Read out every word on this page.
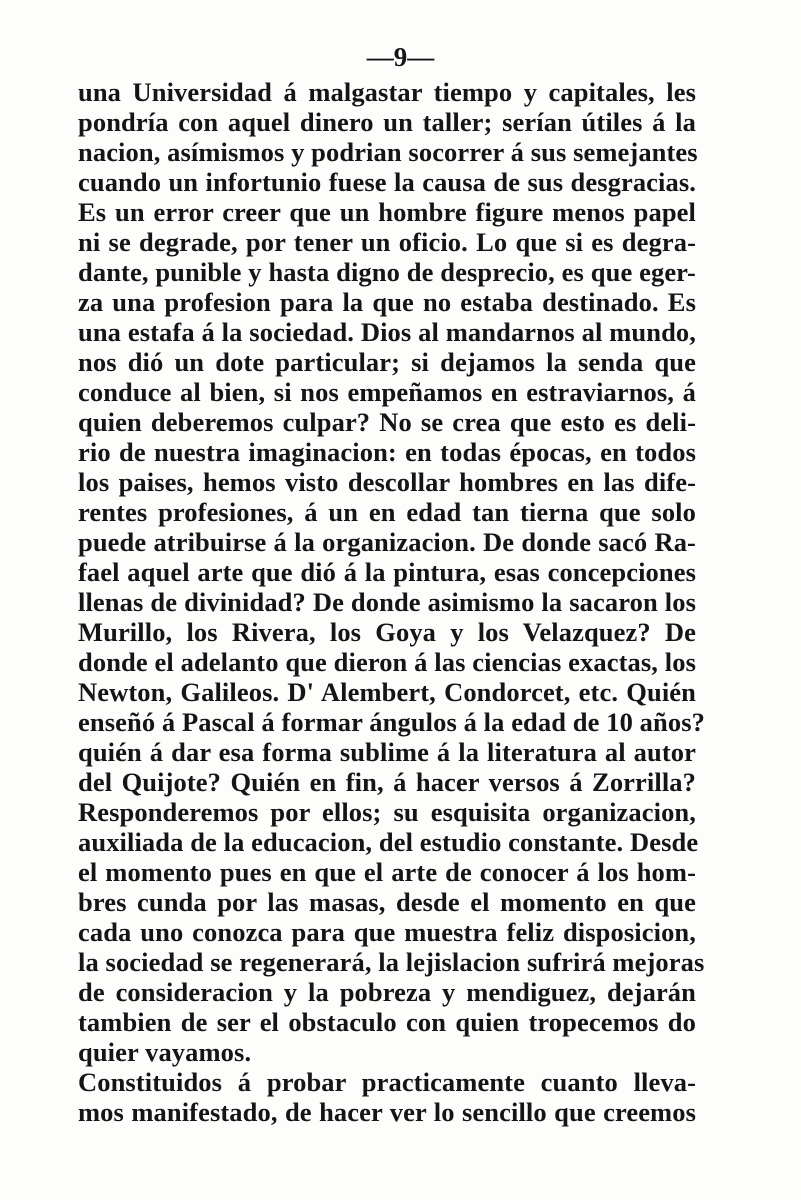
—9—
una Universidad á malgastar tiempo y capitales, les
pondría con aquel dinero un taller; serían útiles á la
nacion, asímismos y podrian socorrer á sus semejantes
cuando un infortunio fuese la causa de sus desgracias.
Es un error creer que un hombre figure menos papel
ni se degrade, por tener un oficio. Lo que si es degra-
dante, punible y hasta digno de desprecio, es que eger-
za una profesion para la que no estaba destinado. Es
una estafa á la sociedad. Dios al mandarnos al mundo,
nos dió un dote particular; si dejamos la senda que
conduce al bien, si nos empeñamos en estraviarnos, á
quien deberemos culpar? No se crea que esto es deli-
rio de nuestra imaginacion: en todas épocas, en todos
los paises, hemos visto descollar hombres en las dife-
rentes profesiones, á un en edad tan tierna que solo
puede atribuirse á la organizacion. De donde sacó Ra-
fael aquel arte que dió á la pintura, esas concepciones
llenas de divinidad? De donde asimismo la sacaron los
Murillo, los Rivera, los Goya y los Velazquez? De
donde el adelanto que dieron á las ciencias exactas, los
Newton, Galileos. D' Alembert, Condorcet, etc. Quién
enseñó á Pascal á formar ángulos á la edad de 10 años?
quién á dar esa forma sublime á la literatura al autor
del Quijote? Quién en fin, á hacer versos á Zorrilla?
Responderemos por ellos; su esquisita organizacion,
auxiliada de la educacion, del estudio constante. Desde
el momento pues en que el arte de conocer á los hom-
bres cunda por las masas, desde el momento en que
cada uno conozca para que muestra feliz disposicion,
la sociedad se regenerará, la lejislacion sufrirá mejoras
de consideracion y la pobreza y mendiguez, dejarán
tambien de ser el obstaculo con quien tropecemos do
quier vayamos.
Constituidos á probar practicamente cuanto lleva-
mos manifestado, de hacer ver lo sencillo que creemos
